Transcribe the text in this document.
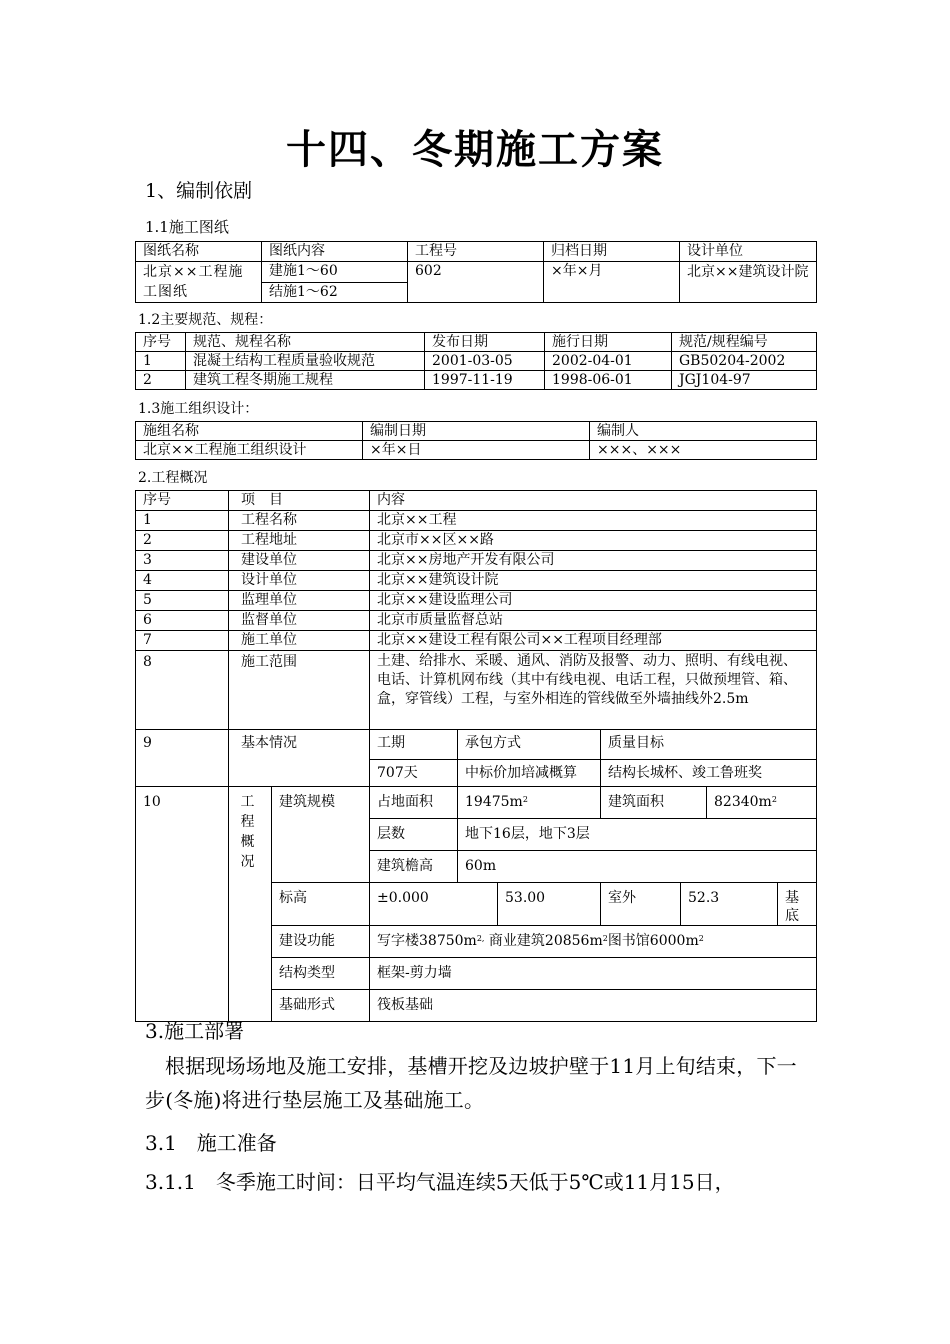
十四、冬期施工方案
1、编制依剧
1.1施工图纸
图纸名称	图纸内容	工程号	归档日期	设计单位
北京××工程施工图纸	建施1～60	602	×年×月	北京××建筑设计院
	结施1～62			
1.2主要规范、规程：
序号	规范、规程名称	发布日期	施行日期	规范/规程编号
1	混凝土结构工程质量验收规范	2001-03-05	2002-04-01	GB50204-2002
2	建筑工程冬期施工规程	1997-11-19	1998-06-01	JGJ104-97
1.3施工组织设计：
施组名称	编制日期	编制人
北京××工程施工组织设计	×年×日	×××、×××
2.工程概况
序号	项　目		内容							
1	工程名称		北京××工程							
2	工程地址		北京市××区××路							
3	建设单位		北京××房地产开发有限公司							
4	设计单位		北京××建筑设计院							
5	监理单位		北京××建设监理公司							
6	监督单位		北京市质量监督总站							
7	施工单位		北京××建设工程有限公司××工程项目经理部							
8	施工范围		土建、给排水、采暖、通风、消防及报警、动力、照明、有线电视、电话、计算机网布线（其中有线电视、电话工程，只做预埋管、箱、盒，穿管线）工程，与室外相连的管线做至外墙抽线外2.5m							
9	基本情况		工期	承包方式		质量目标				
			707天	中标价加培减概算		结构长城杯、竣工鲁班奖				
10	工程概况	建筑规模	占地面积	$19475m^2$		建筑面积		$82340m^2$
			层数	地下16层，地下3层						
			建筑檐高	60m						
		标高	±0.000		53.00	室外	52.3		基底	
		建设功能	写字楼$38750m^{2,}$ 商业建筑$20856m^2$图书馆$6000m^2$
		结构类型	框架-剪力墙							
		基础形式	筏板基础							
3.施工部署
根据现场场地及施工安排，基槽开挖及边坡护壁于11月上旬结束，下一步(冬施)将进行垫层施工及基础施工。
3.1　施工准备
3.1.1　冬季施工时间：日平均气温连续5天低于5℃或11月15日，
